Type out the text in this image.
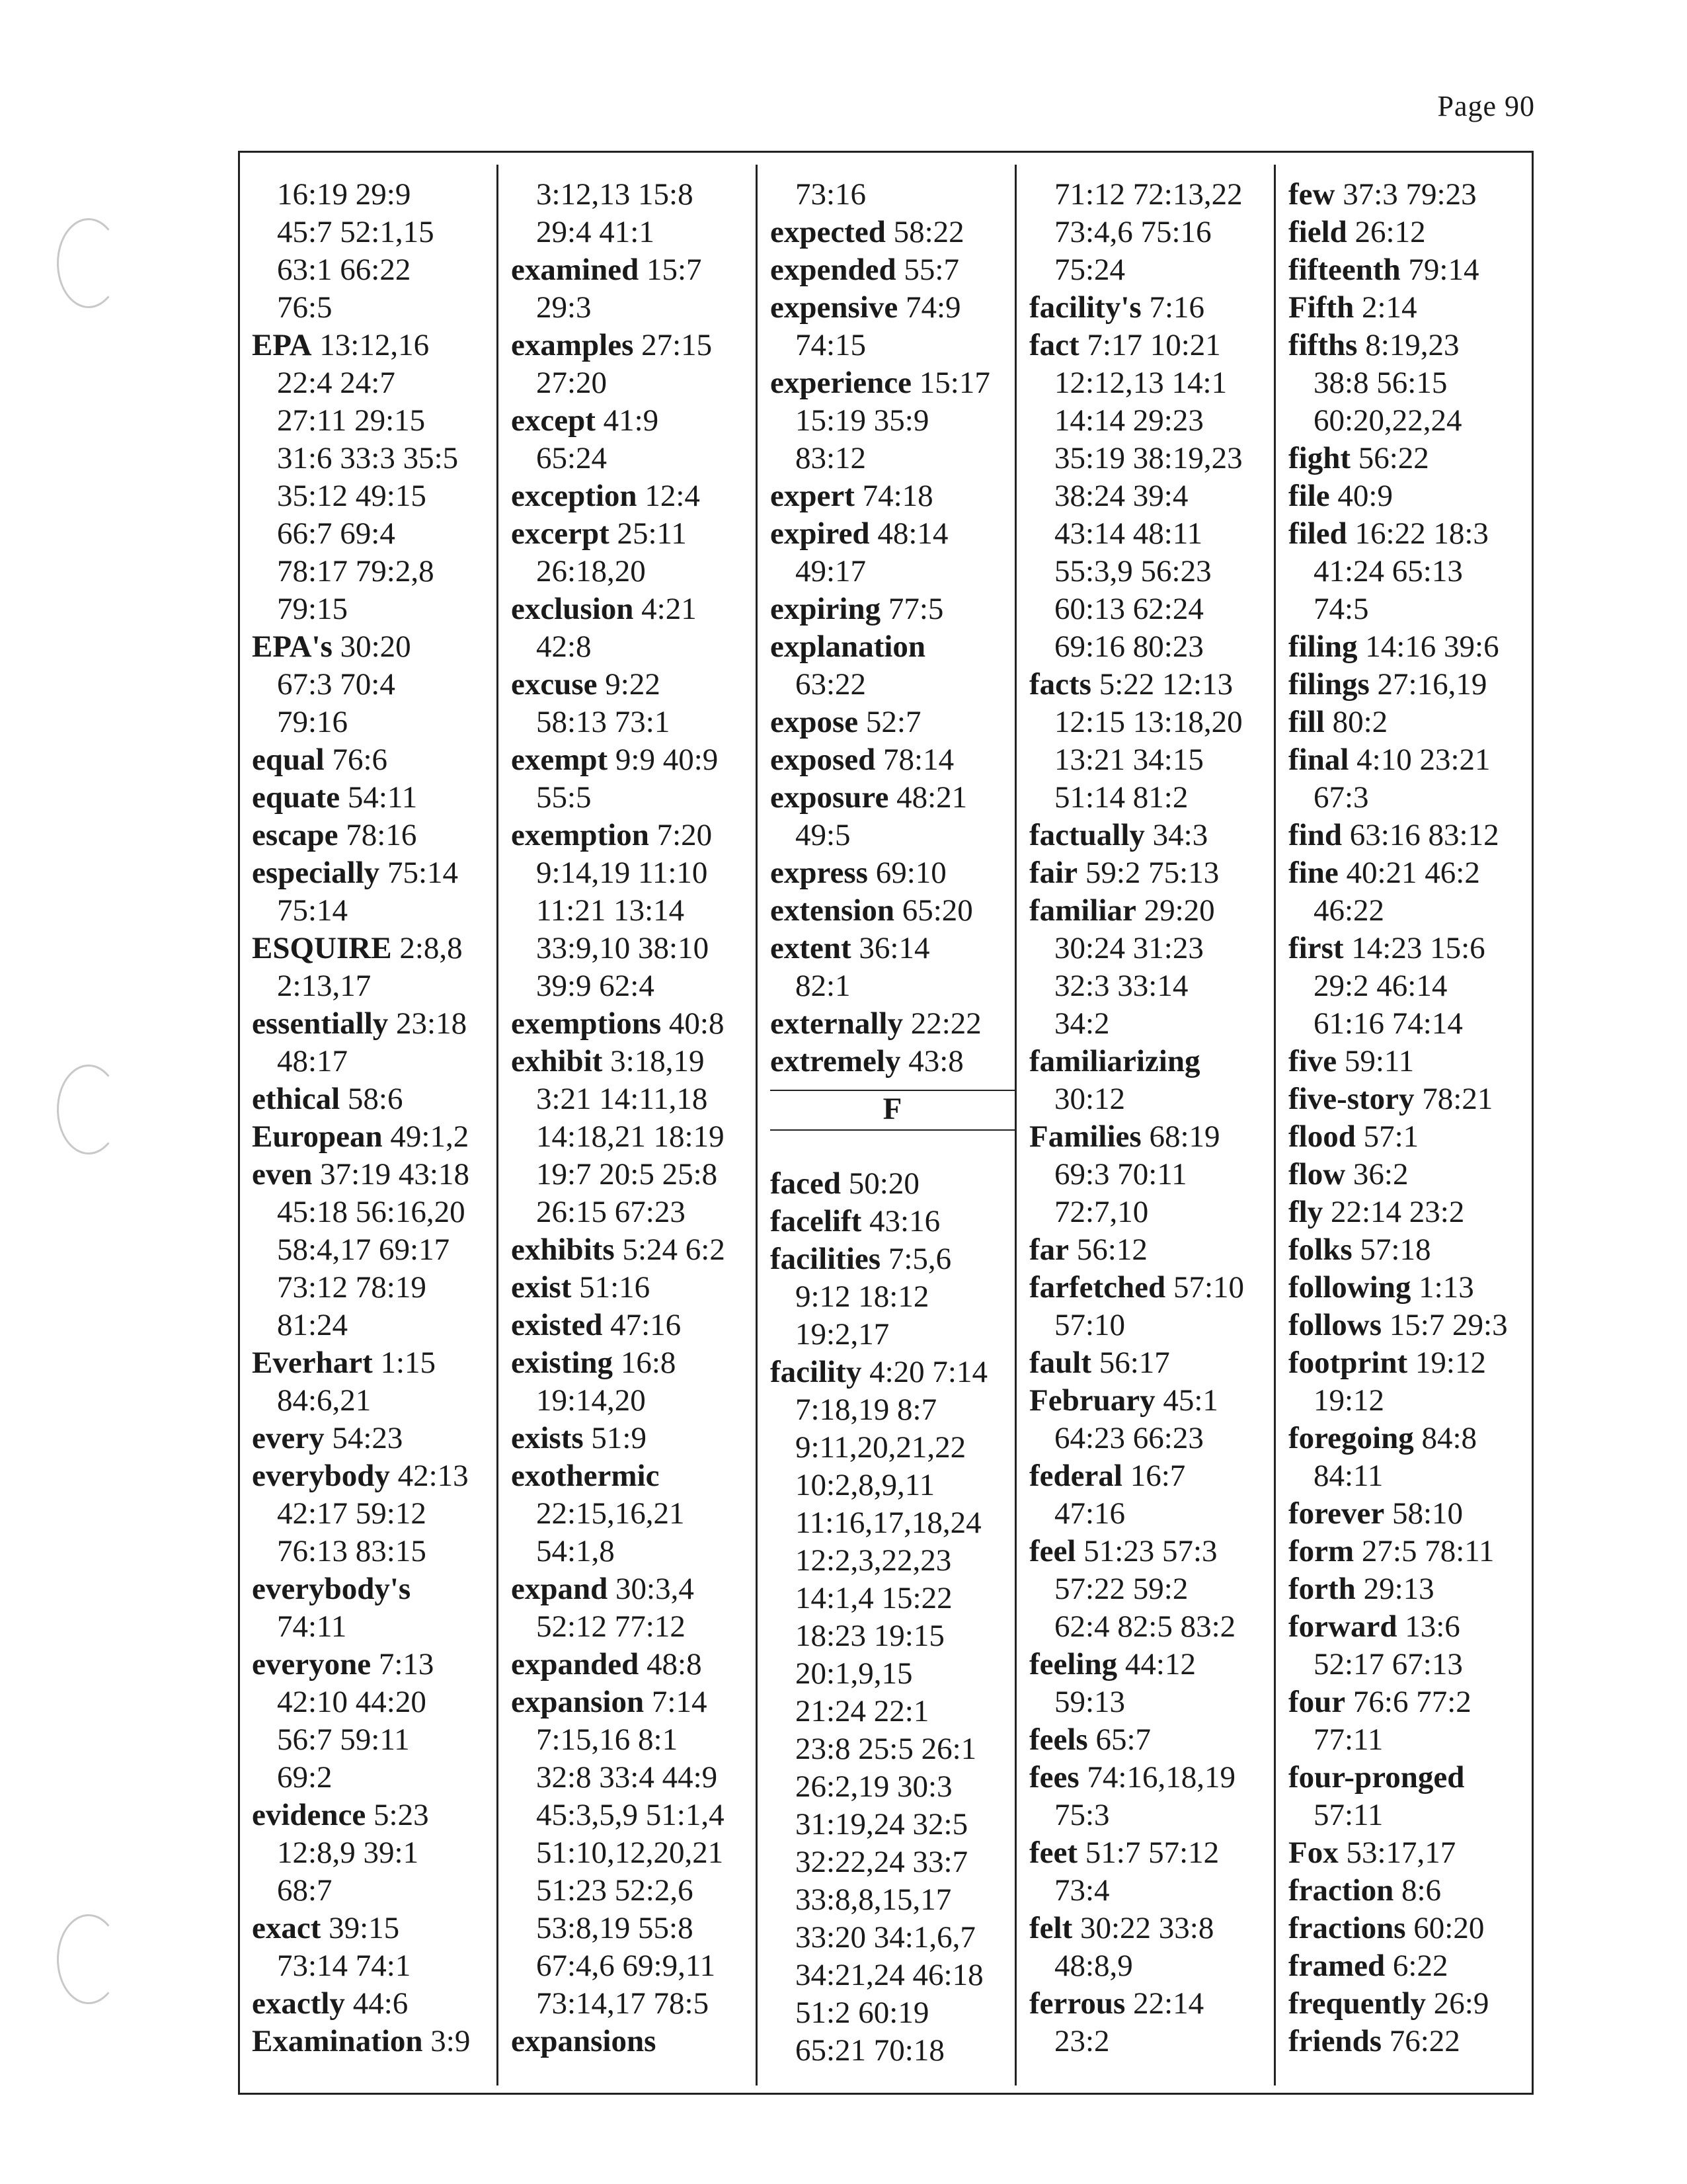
Page 90
16:19 29:9
45:7 52:1,15
63:1 66:22
76:5
EPA 13:12,16
22:4 24:7
27:11 29:15
31:6 33:3 35:5
35:12 49:15
66:7 69:4
78:17 79:2,8
79:15
EPA's 30:20
67:3 70:4
79:16
equal 76:6
equate 54:11
escape 78:16
especially 75:14
75:14
ESQUIRE 2:8,8
2:13,17
essentially 23:18
48:17
ethical 58:6
European 49:1,2
even 37:19 43:18
45:18 56:16,20
58:4,17 69:17
73:12 78:19
81:24
Everhart 1:15
84:6,21
every 54:23
everybody 42:13
42:17 59:12
76:13 83:15
everybody's
74:11
everyone 7:13
42:10 44:20
56:7 59:11
69:2
evidence 5:23
12:8,9 39:1
68:7
exact 39:15
73:14 74:1
exactly 44:6
Examination 3:9
3:12,13 15:8
29:4 41:1
examined 15:7
29:3
examples 27:15
27:20
except 41:9
65:24
exception 12:4
excerpt 25:11
26:18,20
exclusion 4:21
42:8
excuse 9:22
58:13 73:1
exempt 9:9 40:9
55:5
exemption 7:20
9:14,19 11:10
11:21 13:14
33:9,10 38:10
39:9 62:4
exemptions 40:8
exhibit 3:18,19
3:21 14:11,18
14:18,21 18:19
19:7 20:5 25:8
26:15 67:23
exhibits 5:24 6:2
exist 51:16
existed 47:16
existing 16:8
19:14,20
exists 51:9
exothermic
22:15,16,21
54:1,8
expand 30:3,4
52:12 77:12
expanded 48:8
expansion 7:14
7:15,16 8:1
32:8 33:4 44:9
45:3,5,9 51:1,4
51:10,12,20,21
51:23 52:2,6
53:8,19 55:8
67:4,6 69:9,11
73:14,17 78:5
expansions
73:16
expected 58:22
expended 55:7
expensive 74:9
74:15
experience 15:17
15:19 35:9
83:12
expert 74:18
expired 48:14
49:17
expiring 77:5
explanation
63:22
expose 52:7
exposed 78:14
exposure 48:21
49:5
express 69:10
extension 65:20
extent 36:14
82:1
externally 22:22
extremely 43:8
F
faced 50:20
facelift 43:16
facilities 7:5,6
9:12 18:12
19:2,17
facility 4:20 7:14
7:18,19 8:7
9:11,20,21,22
10:2,8,9,11
11:16,17,18,24
12:2,3,22,23
14:1,4 15:22
18:23 19:15
20:1,9,15
21:24 22:1
23:8 25:5 26:1
26:2,19 30:3
31:19,24 32:5
32:22,24 33:7
33:8,8,15,17
33:20 34:1,6,7
34:21,24 46:18
51:2 60:19
65:21 70:18
71:12 72:13,22
73:4,6 75:16
75:24
facility's 7:16
fact 7:17 10:21
12:12,13 14:1
14:14 29:23
35:19 38:19,23
38:24 39:4
43:14 48:11
55:3,9 56:23
60:13 62:24
69:16 80:23
facts 5:22 12:13
12:15 13:18,20
13:21 34:15
51:14 81:2
factually 34:3
fair 59:2 75:13
familiar 29:20
30:24 31:23
32:3 33:14
34:2
familiarizing
30:12
Families 68:19
69:3 70:11
72:7,10
far 56:12
farfetched 57:10
57:10
fault 56:17
February 45:1
64:23 66:23
federal 16:7
47:16
feel 51:23 57:3
57:22 59:2
62:4 82:5 83:2
feeling 44:12
59:13
feels 65:7
fees 74:16,18,19
75:3
feet 51:7 57:12
73:4
felt 30:22 33:8
48:8,9
ferrous 22:14
23:2
few 37:3 79:23
field 26:12
fifteenth 79:14
Fifth 2:14
fifths 8:19,23
38:8 56:15
60:20,22,24
fight 56:22
file 40:9
filed 16:22 18:3
41:24 65:13
74:5
filing 14:16 39:6
filings 27:16,19
fill 80:2
final 4:10 23:21
67:3
find 63:16 83:12
fine 40:21 46:2
46:22
first 14:23 15:6
29:2 46:14
61:16 74:14
five 59:11
five-story 78:21
flood 57:1
flow 36:2
fly 22:14 23:2
folks 57:18
following 1:13
follows 15:7 29:3
footprint 19:12
19:12
foregoing 84:8
84:11
forever 58:10
form 27:5 78:11
forth 29:13
forward 13:6
52:17 67:13
four 76:6 77:2
77:11
four-pronged
57:11
Fox 53:17,17
fraction 8:6
fractions 60:20
framed 6:22
frequently 26:9
friends 76:22
